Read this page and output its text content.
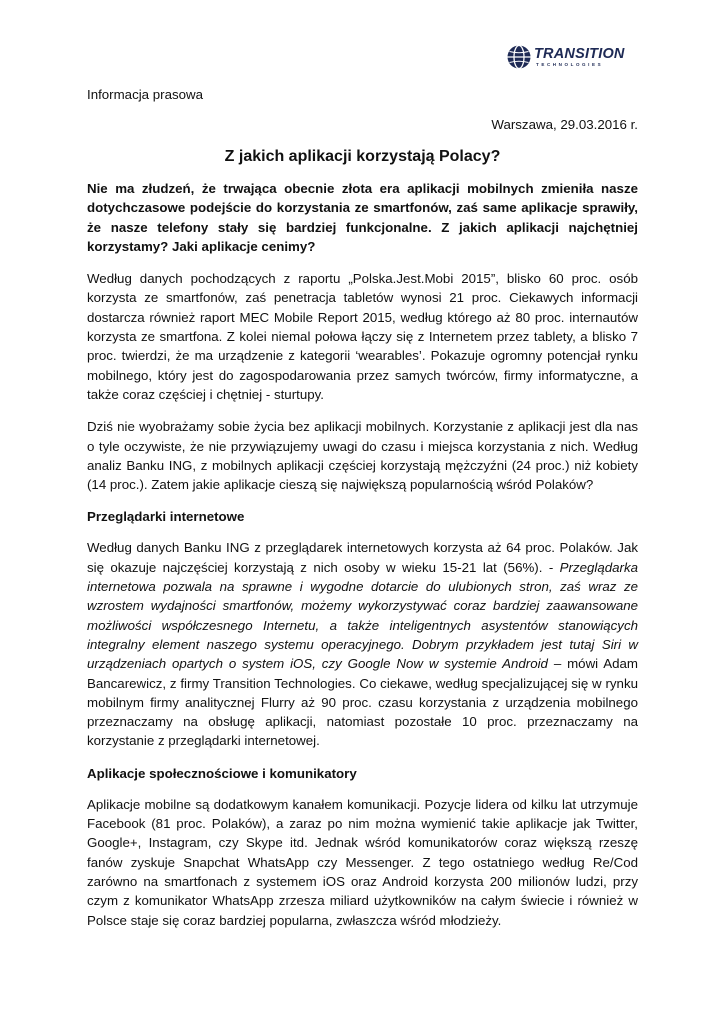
TRANSITION
TECHNOLOGIES

Informacja prasowa

Warszawa, 29.03.2016 r.

Z jakich aplikacji korzystają Polacy?

Nie ma złudzeń, że trwająca obecnie złota era aplikacji mobilnych zmieniła nasze dotychczasowe podejście do korzystania ze smartfonów, zaś same aplikacje sprawiły, że nasze telefony stały się bardziej funkcjonalne. Z jakich aplikacji najchętniej korzystamy? Jaki aplikacje cenimy?

Według danych pochodzących z raportu „Polska.Jest.Mobi 2015”, blisko 60 proc. osób korzysta ze smartfonów, zaś penetracja tabletów wynosi 21 proc. Ciekawych informacji dostarcza również raport MEC Mobile Report 2015, według którego aż 80 proc. internautów korzysta ze smartfona. Z kolei niemal połowa łączy się z Internetem przez tablety, a blisko 7 proc. twierdzi, że ma urządzenie z kategorii ‘wearables’. Pokazuje ogromny potencjał rynku mobilnego, który jest do zagospodarowania przez samych twórców, firmy informatyczne, a także coraz częściej i chętniej - sturtupy.

Dziś nie wyobrażamy sobie życia bez aplikacji mobilnych. Korzystanie z aplikacji jest dla nas o tyle oczywiste, że nie przywiązujemy uwagi do czasu i miejsca korzystania z nich. Według analiz Banku ING, z mobilnych aplikacji częściej korzystają mężczyźni (24 proc.) niż kobiety (14 proc.). Zatem jakie aplikacje cieszą się największą popularnością wśród Polaków?

Przeglądarki internetowe

Według danych Banku ING z przeglądarek internetowych korzysta aż 64 proc. Polaków. Jak się okazuje najczęściej korzystają z nich osoby w wieku 15-21 lat (56%). - Przeglądarka internetowa pozwala na sprawne i wygodne dotarcie do ulubionych stron, zaś wraz ze wzrostem wydajności smartfonów, możemy wykorzystywać coraz bardziej zaawansowane możliwości współczesnego Internetu, a także inteligentnych asystentów stanowiących integralny element naszego systemu operacyjnego. Dobrym przykładem jest tutaj Siri w urządzeniach opartych o system iOS, czy Google Now w systemie Android – mówi Adam Bancarewicz, z firmy Transition Technologies. Co ciekawe, według specjalizującej się w rynku mobilnym firmy analitycznej Flurry aż 90 proc. czasu korzystania z urządzenia mobilnego przeznaczamy na obsługę aplikacji, natomiast pozostałe 10 proc. przeznaczamy na korzystanie z przeglądarki internetowej.

Aplikacje społecznościowe i komunikatory

Aplikacje mobilne są dodatkowym kanałem komunikacji. Pozycje lidera od kilku lat utrzymuje Facebook (81 proc. Polaków), a zaraz po nim można wymienić takie aplikacje jak Twitter, Google+, Instagram, czy Skype itd. Jednak wśród komunikatorów coraz większą rzeszę fanów zyskuje Snapchat WhatsApp czy Messenger. Z tego ostatniego według Re/Cod zarówno na smartfonach z systemem iOS oraz Android korzysta 200 milionów ludzi, przy czym z komunikator WhatsApp zrzesza miliard użytkowników na całym świecie i również w Polsce staje się coraz bardziej popularna, zwłaszcza wśród młodzieży.
